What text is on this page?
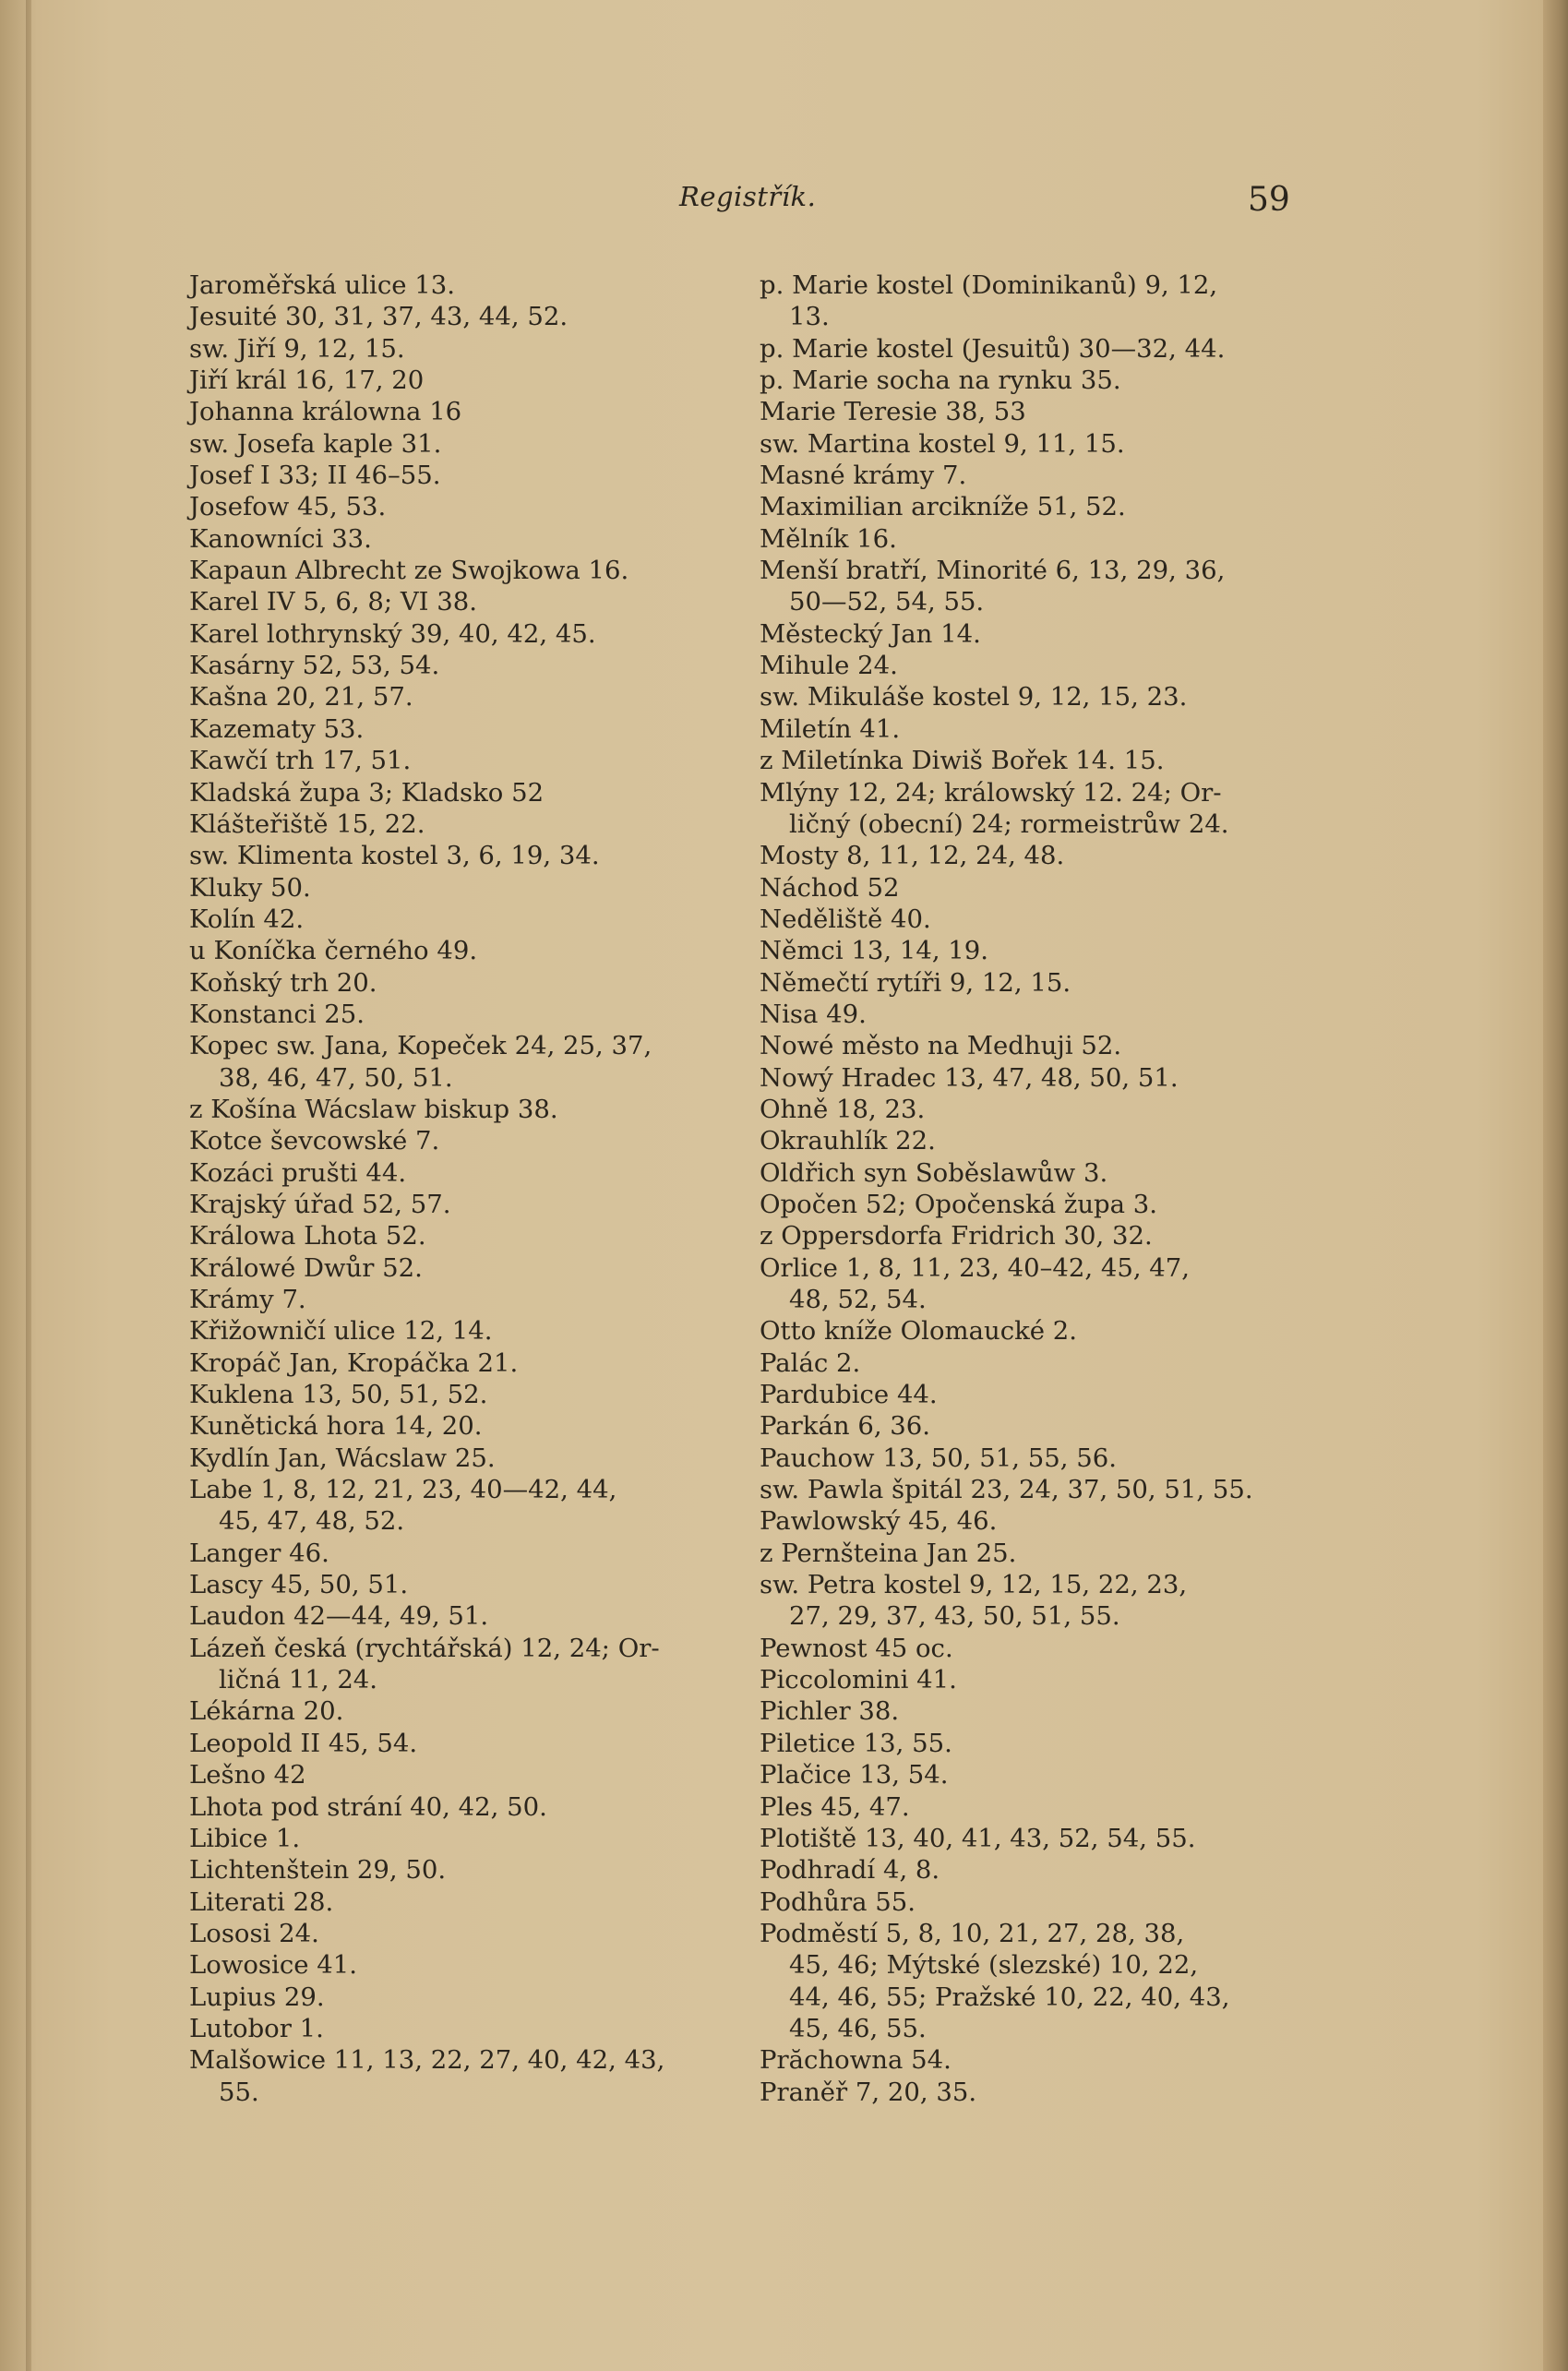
Registřík.	59
Jaroměřská ulice 13.
Jesuité 30, 31, 37, 43, 44, 52.
sw. Jiří 9, 12, 15.
Jiří král 16, 17, 20
Johanna králowna 16
sw. Josefa kaple 31.
Josef I 33; II 46–55.
Josefow 45, 53.
Kanowníci 33.
Kapaun Albrecht ze Swojkowa 16.
Karel IV 5, 6, 8; VI 38.
Karel lothrynský 39, 40, 42, 45.
Kasárny 52, 53, 54.
Kašna 20, 21, 57.
Kazematy 53.
Kawčí trh 17, 51.
Kladská župa 3; Kladsko 52
Klášteřiště 15, 22.
sw. Klimenta kostel 3, 6, 19, 34.
Kluky 50.
Kolín 42.
u Koníčka černého 49.
Koňský trh 20.
Konstanci 25.
Kopec sw. Jana, Kopeček 24, 25, 37,
38, 46, 47, 50, 51.
z Košína Wácslaw biskup 38.
Kotce ševcowské 7.
Kozáci prušti 44.
Krajský úřad 52, 57.
Králowa Lhota 52.
Králowé Dwůr 52.
Krámy 7.
Křižowničí ulice 12, 14.
Kropáč Jan, Kropáčka 21.
Kuklena 13, 50, 51, 52.
Kunětická hora 14, 20.
Kydlín Jan, Wácslaw 25.
Labe 1, 8, 12, 21, 23, 40—42, 44,
45, 47, 48, 52.
Langer 46.
Lascy 45, 50, 51.
Laudon 42—44, 49, 51.
Lázeň česká (rychtářská) 12, 24; Or-
ličná 11, 24.
Lékárna 20.
Leopold II 45, 54.
Lešno 42
Lhota pod strání 40, 42, 50.
Libice 1.
Lichtenštein 29, 50.
Literati 28.
Lososi 24.
Lowosice 41.
Lupius 29.
Lutobor 1.
Malšowice 11, 13, 22, 27, 40, 42, 43,
55.
p. Marie kostel (Dominikanů) 9, 12,
13.
p. Marie kostel (Jesuitů) 30—32, 44.
p. Marie socha na rynku 35.
Marie Teresie 38, 53
sw. Martina kostel 9, 11, 15.
Masné krámy 7.
Maximilian arcikníže 51, 52.
Mělník 16.
Menší bratří, Minorité 6, 13, 29, 36,
50—52, 54, 55.
Městecký Jan 14.
Mihule 24.
sw. Mikuláše kostel 9, 12, 15, 23.
Miletín 41.
z Miletínka Diwiš Bořek 14. 15.
Mlýny 12, 24; králowský 12. 24; Or-
ličný (obecní) 24; rormeistrůw 24.
Mosty 8, 11, 12, 24, 48.
Náchod 52
Neděliště 40.
Němci 13, 14, 19.
Němečtí rytíři 9, 12, 15.
Nisa 49.
Nowé město na Medhuji 52.
Nowý Hradec 13, 47, 48, 50, 51.
Ohně 18, 23.
Okrauhlík 22.
Oldřich syn Soběslawůw 3.
Opočen 52; Opočenská župa 3.
z Oppersdorfa Fridrich 30, 32.
Orlice 1, 8, 11, 23, 40–42, 45, 47,
48, 52, 54.
Otto kníže Olomaucké 2.
Palác 2.
Pardubice 44.
Parkán 6, 36.
Pauchow 13, 50, 51, 55, 56.
sw. Pawla špitál 23, 24, 37, 50, 51, 55.
Pawlowský 45, 46.
z Pernšteina Jan 25.
sw. Petra kostel 9, 12, 15, 22, 23,
27, 29, 37, 43, 50, 51, 55.
Pewnost 45 oc.
Piccolomini 41.
Pichler 38.
Piletice 13, 55.
Plačice 13, 54.
Ples 45, 47.
Plotiště 13, 40, 41, 43, 52, 54, 55.
Podhradí 4, 8.
Podhůra 55.
Podměstí 5, 8, 10, 21, 27, 28, 38,
45, 46; Mýtské (slezské) 10, 22,
44, 46, 55; Pražské 10, 22, 40, 43,
45, 46, 55.
Prăchowna 54.
Praněř 7, 20, 35.
